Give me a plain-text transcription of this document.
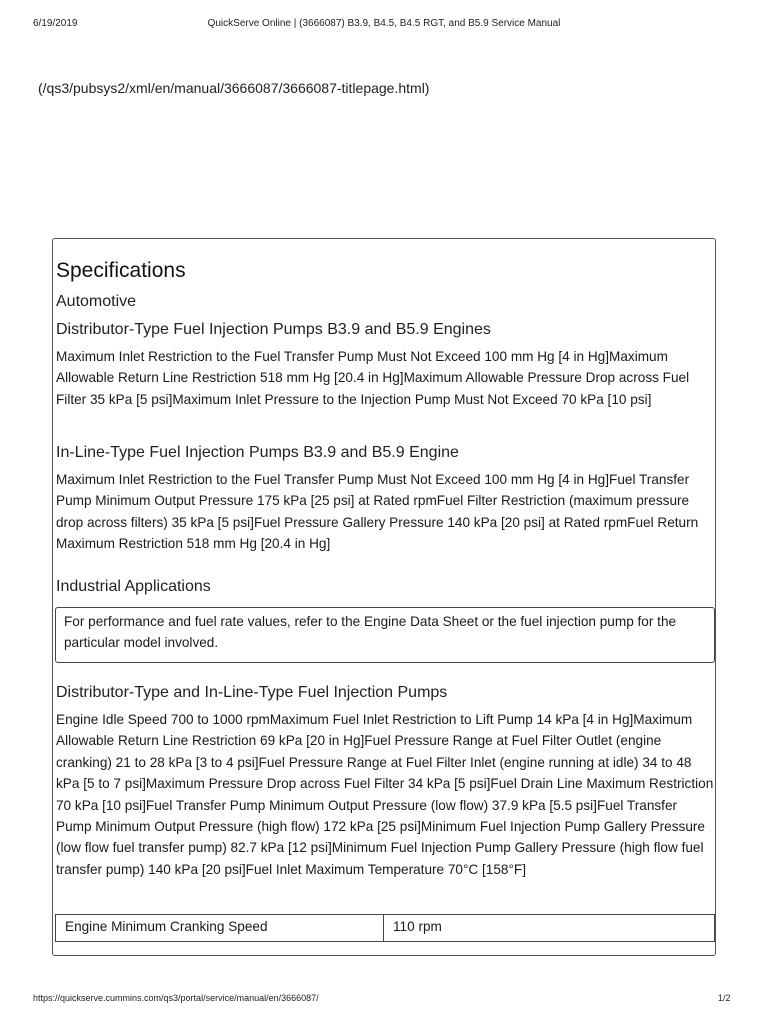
6/19/2019	QuickServe Online | (3666087) B3.9, B4.5, B4.5 RGT, and B5.9 Service Manual
(/qs3/pubsys2/xml/en/manual/3666087/3666087-titlepage.html)
Specifications
Automotive
Distributor-Type Fuel Injection Pumps B3.9 and B5.9 Engines
Maximum Inlet Restriction to the Fuel Transfer Pump Must Not Exceed 100 mm Hg [4 in Hg]Maximum Allowable Return Line Restriction 518 mm Hg [20.4 in Hg]Maximum Allowable Pressure Drop across Fuel Filter 35 kPa [5 psi]Maximum Inlet Pressure to the Injection Pump Must Not Exceed 70 kPa [10 psi]
In-Line-Type Fuel Injection Pumps B3.9 and B5.9 Engine
Maximum Inlet Restriction to the Fuel Transfer Pump Must Not Exceed 100 mm Hg [4 in Hg]Fuel Transfer Pump Minimum Output Pressure 175 kPa [25 psi] at Rated rpmFuel Filter Restriction (maximum pressure drop across filters) 35 kPa [5 psi]Fuel Pressure Gallery Pressure 140 kPa [20 psi] at Rated rpmFuel Return Maximum Restriction 518 mm Hg [20.4 in Hg]
Industrial Applications
For performance and fuel rate values, refer to the Engine Data Sheet or the fuel injection pump for the particular model involved.
Distributor-Type and In-Line-Type Fuel Injection Pumps
Engine Idle Speed 700 to 1000 rpmMaximum Fuel Inlet Restriction to Lift Pump 14 kPa [4 in Hg]Maximum Allowable Return Line Restriction 69 kPa [20 in Hg]Fuel Pressure Range at Fuel Filter Outlet (engine cranking) 21 to 28 kPa [3 to 4 psi]Fuel Pressure Range at Fuel Filter Inlet (engine running at idle) 34 to 48 kPa [5 to 7 psi]Maximum Pressure Drop across Fuel Filter 34 kPa [5 psi]Fuel Drain Line Maximum Restriction 70 kPa [10 psi]Fuel Transfer Pump Minimum Output Pressure (low flow) 37.9 kPa [5.5 psi]Fuel Transfer Pump Minimum Output Pressure (high flow) 172 kPa [25 psi]Minimum Fuel Injection Pump Gallery Pressure (low flow fuel transfer pump) 82.7 kPa [12 psi]Minimum Fuel Injection Pump Gallery Pressure (high flow fuel transfer pump) 140 kPa [20 psi]Fuel Inlet Maximum Temperature 70°C [158°F]
Engine Minimum Cranking Speed	110 rpm
https://quickserve.cummins.com/qs3/portal/service/manual/en/3666087/	1/2
